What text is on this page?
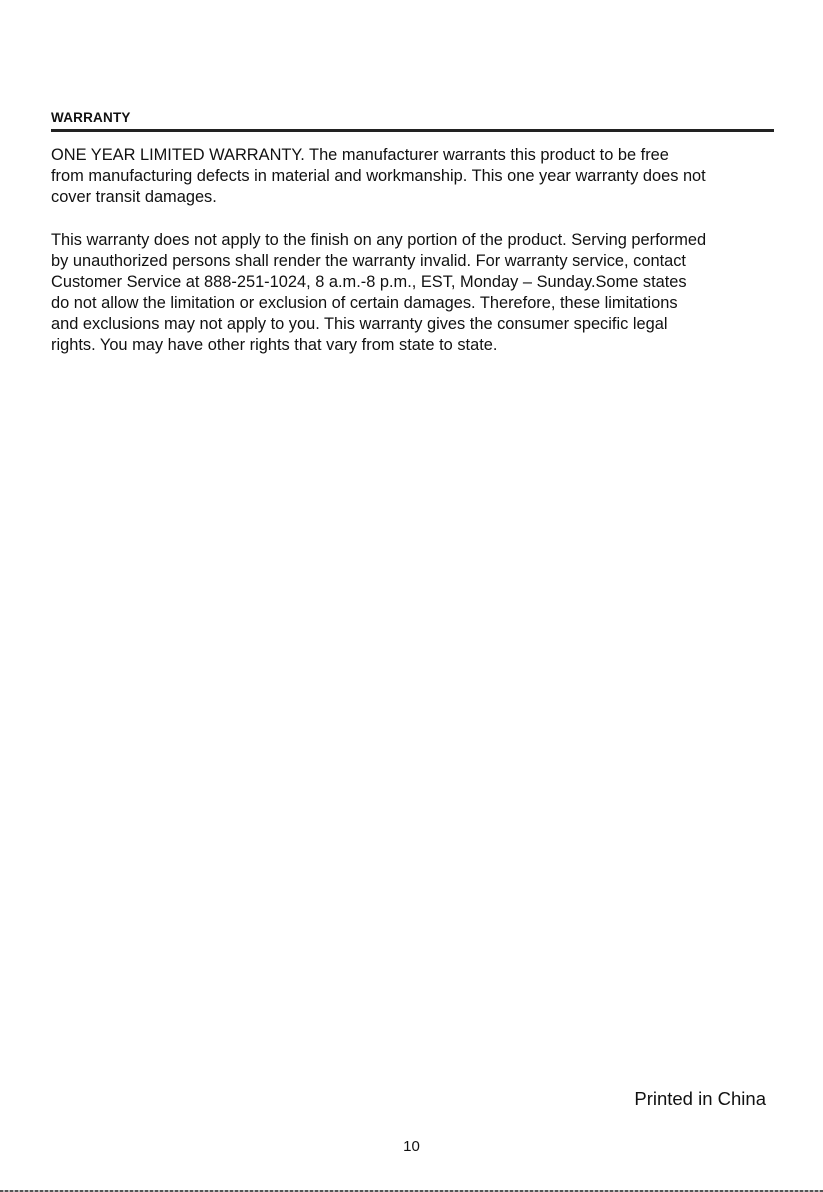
WARRANTY

ONE YEAR LIMITED WARRANTY. The manufacturer warrants this product to be free
from manufacturing defects in material and workmanship. This one year warranty does not
cover transit damages.

This warranty does not apply to the finish on any portion of the product. Serving performed
by unauthorized persons shall render the warranty invalid. For warranty service, contact
Customer Service at 888-251-1024, 8 a.m.-8 p.m., EST, Monday – Sunday.Some states
do not allow the limitation or exclusion of certain damages. Therefore, these limitations
and exclusions may not apply to you. This warranty gives the consumer specific legal
rights. You may have other rights that vary from state to state.

Printed in China
10
